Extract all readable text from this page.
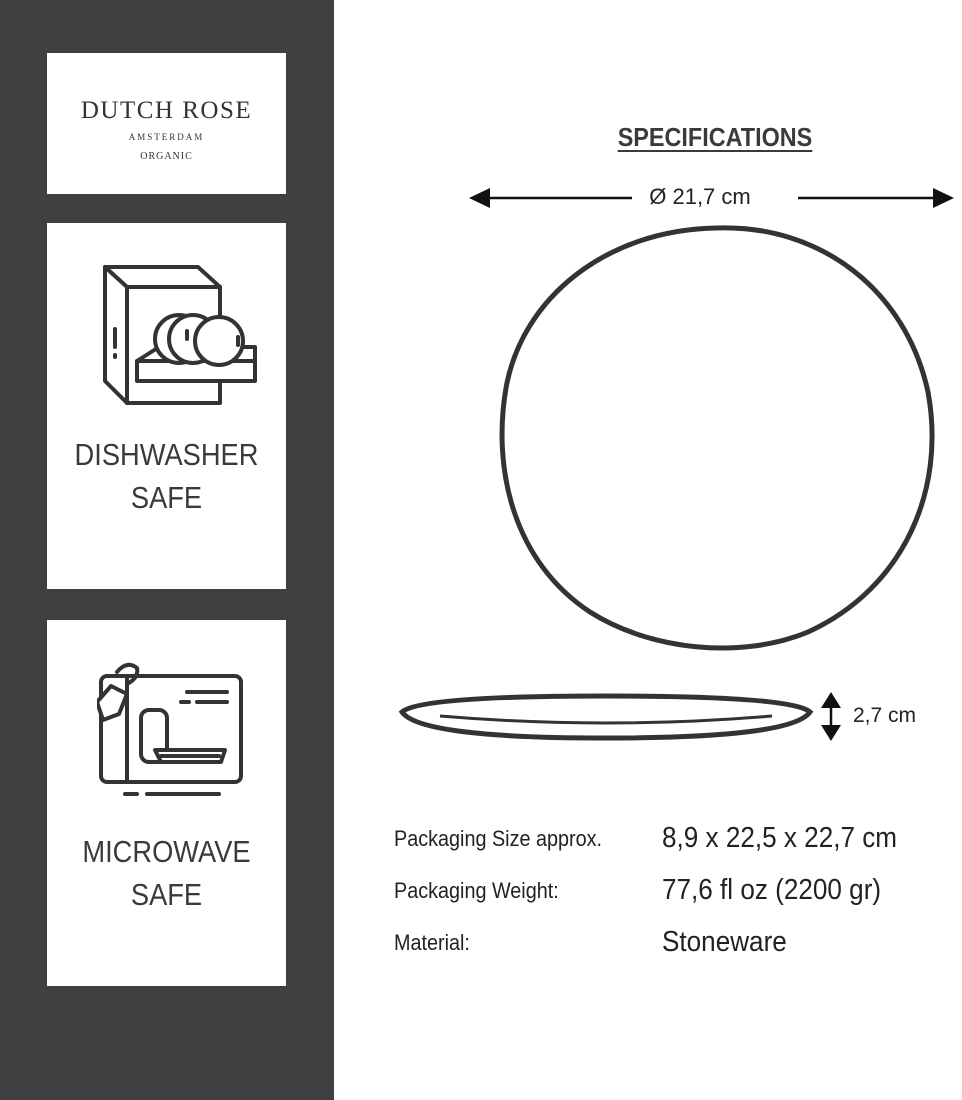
DUTCH ROSE
AMSTERDAM
ORGANIC
DISHWASHER
SAFE
MICROWAVE
SAFE
SPECIFICATIONS
Ø 21,7 cm
2,7 cm
Packaging Size approx. 8,9 x 22,5 x 22,7 cm
Packaging Weight:	77,6 fl oz (2200 gr)
Material:	Stoneware
